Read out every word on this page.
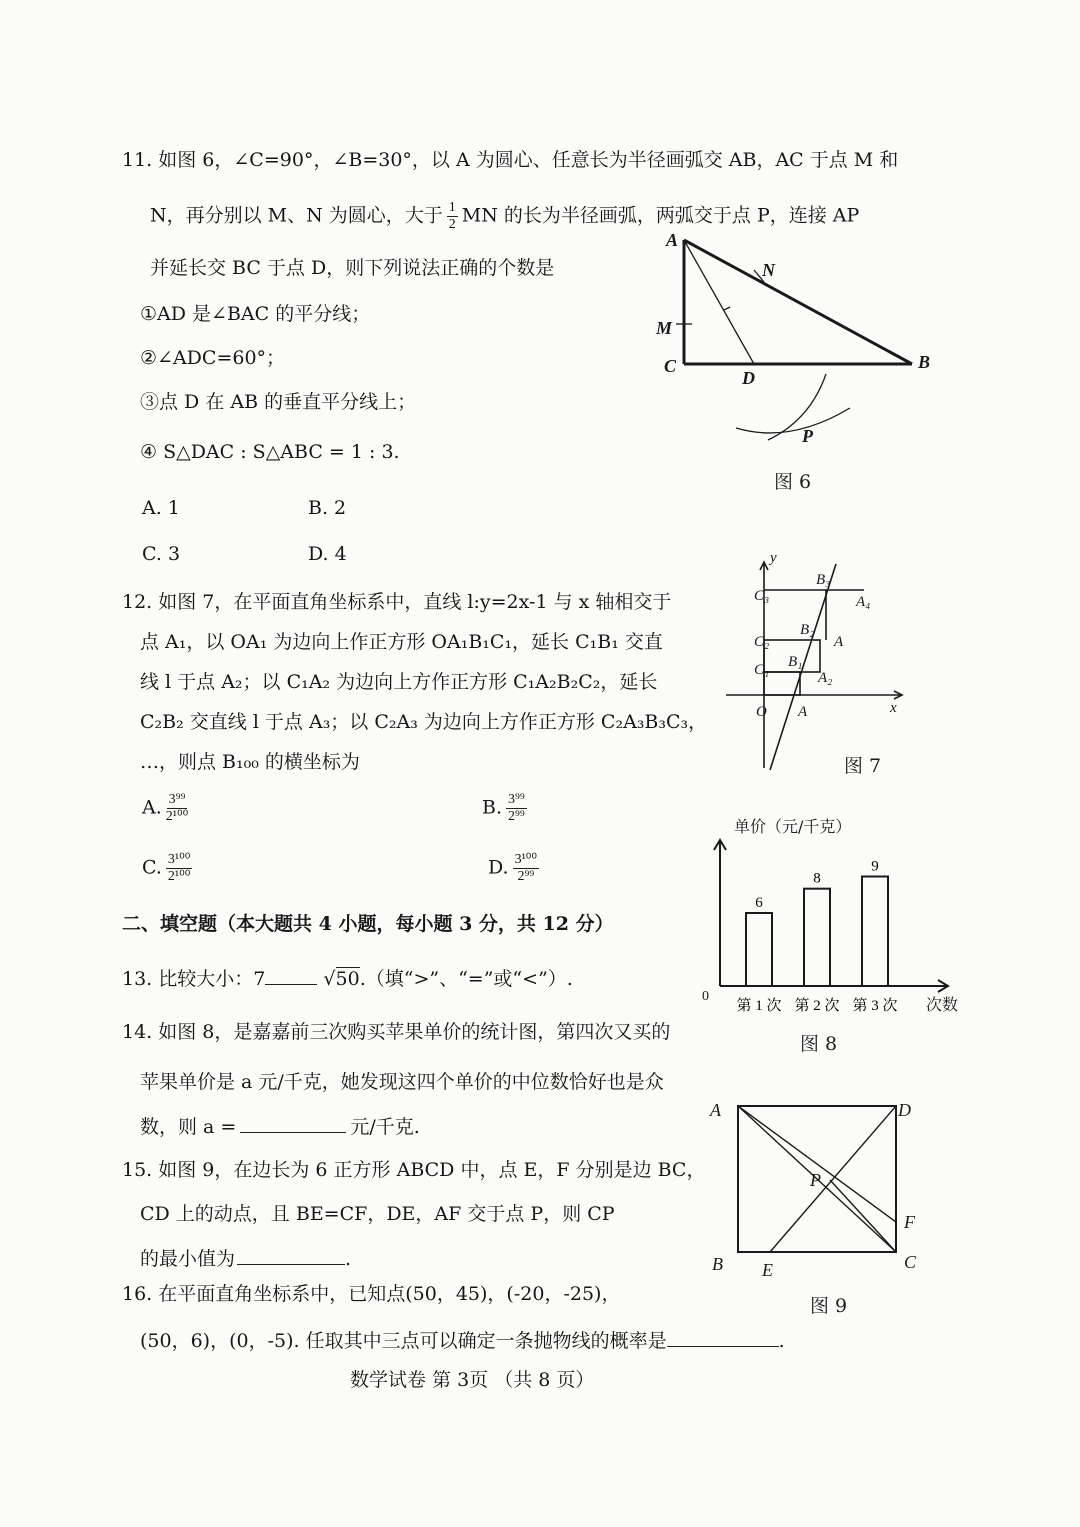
11. 如图 6，∠C=90°，∠B=30°，以 A 为圆心、任意长为半径画弧交 AB，AC 于点 M 和
N，再分别以 M、N 为圆心，大于 $\frac{1}{2}$ MN 的长为半径画弧，两弧交于点 P，连接 AP
并延长交 BC 于点 D，则下列说法正确的个数是
①AD 是∠BAC 的平分线；
②∠ADC=60°；
③点 D 在 AB 的垂直平分线上；
④ S△DAC : S△ABC = 1 : 3.
A. 1	B. 2
C. 3	D. 4
A
N
M
C
D
B
P
图 6
12. 如图 7，在平面直角坐标系中，直线 l:y=2x-1 与 x 轴相交于
点 A₁，以 OA₁ 为边向上作正方形 OA₁B₁C₁，延长 C₁B₁ 交直
线 l 于点 A₂；以 C₁A₂ 为边向上方作正方形 C₁A₂B₂C₂，延长
C₂B₂ 交直线 l 于点 A₃；以 C₂A₃ 为边向上方作正方形 C₂A₃B₃C₃，
…，则点 B₁₀₀ 的横坐标为
A. $\frac{\text{3⁹⁹}}{\text{2¹⁰⁰}}$	B. $\frac{\text{3⁹⁹}}{\text{2⁹⁹}}$
C. $\frac{\text{3¹⁰⁰}}{\text{2¹⁰⁰}}$	D. $\frac{\text{3¹⁰⁰}}{\text{2⁹⁹}}$
y
B₃
A₄
C₃
B₂
A
C₂
B₁
C₁	A₂
O A	x
图 7
二、填空题（本大题共 4 小题，每小题 3 分，共 12 分）
13. 比较大小：7	√50.（填“>”、“=”或“<”）.
14. 如图 8，是嘉嘉前三次购买苹果单价的统计图，第四次又买的
苹果单价是 a 元/千克，她发现这四个单价的中位数恰好也是众
数，则 a =	元/千克.
单价（元/千克）
0	次数
6
第 1 次
8
第 2 次
9
第 3 次
图 8
15. 如图 9，在边长为 6 正方形 ABCD 中，点 E，F 分别是边 BC，
CD 上的动点，且 BE=CF，DE，AF 交于点 P，则 CP
的最小值为	.
A	D
P
F
B E	C
图 9
16. 在平面直角坐标系中，已知点(50，45)，(-20，-25)，
(50，6)，(0，-5). 任取其中三点可以确定一条抛物线的概率是	.
数学试卷 第 3页 （共 8 页）
